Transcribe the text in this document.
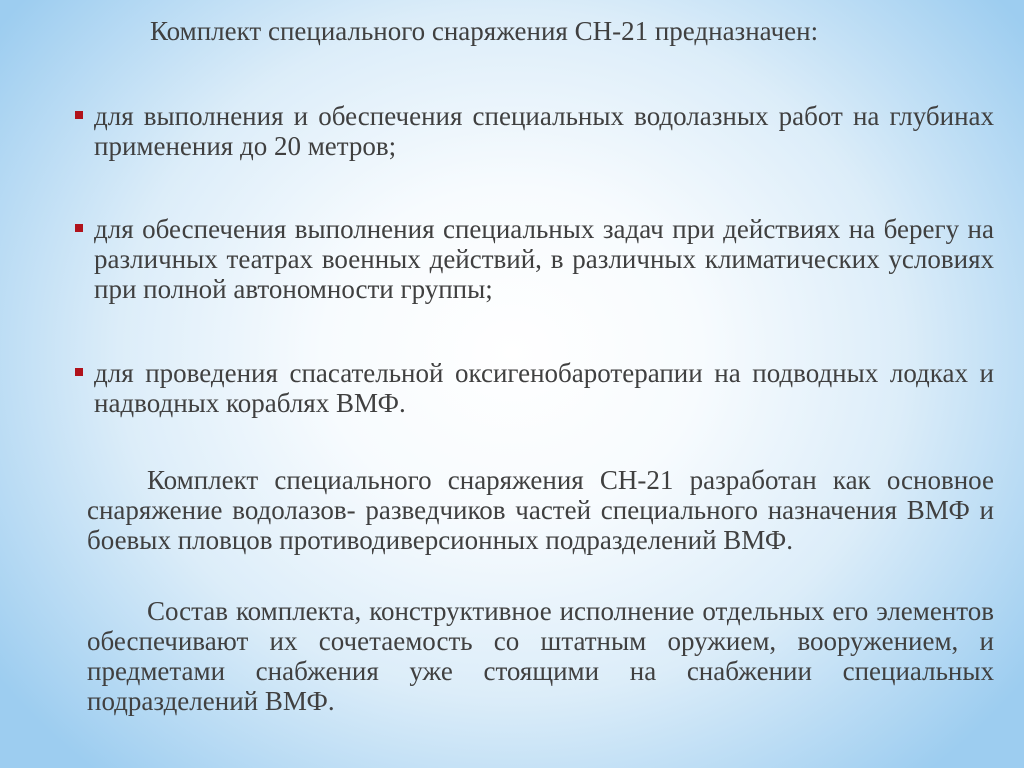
Комплект специального снаряжения СН-21 предназначен:
для выполнения и обеспечения специальных водолазных работ на глубинах применения до 20 метров;
для обеспечения выполнения специальных задач при действиях на берегу на различных театрах военных действий, в различных климатических условиях при полной автономности группы;
для проведения спасательной оксигенобаротерапии на подводных лодках и надводных кораблях ВМФ.
Комплект специального снаряжения СН-21 разработан как основное снаряжение водолазов- разведчиков частей специального назначения ВМФ и боевых пловцов противодиверсионных подразделений ВМФ.
Состав комплекта, конструктивное исполнение отдельных его элементов обеспечивают их сочетаемость со штатным оружием, вооружением, и предметами снабжения уже стоящими на снабжении специальных подразделений ВМФ.
